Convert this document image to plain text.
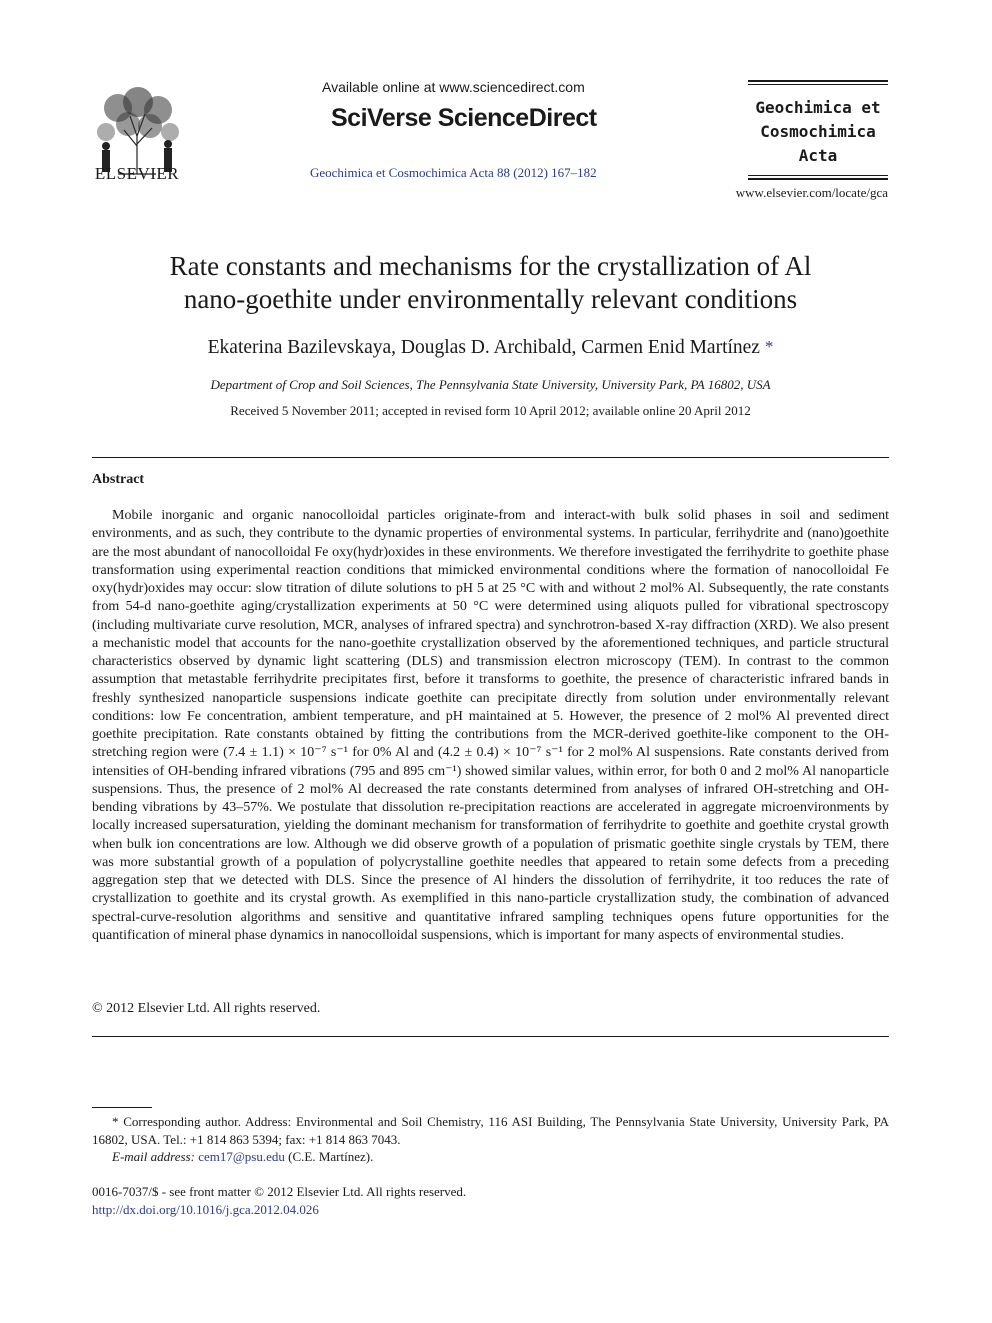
ELSEVIER
Available online at www.sciencedirect.com
SciVerse ScienceDirect
Geochimica et Cosmochimica Acta 88 (2012) 167–182
Geochimica et
Cosmochimica
Acta
www.elsevier.com/locate/gca
Rate constants and mechanisms for the crystallization of Al
nano-goethite under environmentally relevant conditions
Ekaterina Bazilevskaya, Douglas D. Archibald, Carmen Enid Martínez *
Department of Crop and Soil Sciences, The Pennsylvania State University, University Park, PA 16802, USA
Received 5 November 2011; accepted in revised form 10 April 2012; available online 20 April 2012
Abstract

Mobile inorganic and organic nanocolloidal particles originate-from and interact-with bulk solid phases in soil and sediment environments, and as such, they contribute to the dynamic properties of environmental systems. In particular, ferrihydrite and (nano)goethite are the most abundant of nanocolloidal Fe oxy(hydr)oxides in these environments. We therefore investigated the ferrihydrite to goethite phase transformation using experimental reaction conditions that mimicked environmental conditions where the formation of nanocolloidal Fe oxy(hydr)oxides may occur: slow titration of dilute solutions to pH 5 at 25 °C with and without 2 mol% Al. Subsequently, the rate constants from 54-d nano-goethite aging/crystallization experiments at 50 °C were determined using aliquots pulled for vibrational spectroscopy (including multivariate curve resolution, MCR, analyses of infrared spectra) and synchrotron-based X-ray diffraction (XRD). We also present a mechanistic model that accounts for the nano-goethite crystallization observed by the aforementioned techniques, and particle structural characteristics observed by dynamic light scattering (DLS) and transmission electron microscopy (TEM). In contrast to the common assumption that metastable ferrihydrite precipitates first, before it transforms to goethite, the presence of characteristic infrared bands in freshly synthesized nanoparticle suspensions indicate goethite can precipitate directly from solution under environmentally relevant conditions: low Fe concentration, ambient temperature, and pH maintained at 5. However, the presence of 2 mol% Al prevented direct goethite precipitation. Rate constants obtained by fitting the contributions from the MCR-derived goethite-like component to the OH-stretching region were (7.4 ± 1.1) × 10⁻⁷ s⁻¹ for 0% Al and (4.2 ± 0.4) × 10⁻⁷ s⁻¹ for 2 mol% Al suspensions. Rate constants derived from intensities of OH-bending infrared vibrations (795 and 895 cm⁻¹) showed similar values, within error, for both 0 and 2 mol% Al nanoparticle suspensions. Thus, the presence of 2 mol% Al decreased the rate constants determined from analyses of infrared OH-stretching and OH-bending vibrations by 43–57%. We postulate that dissolution re-precipitation reactions are accelerated in aggregate microenvironments by locally increased supersaturation, yielding the dominant mechanism for transformation of ferrihydrite to goethite and goethite crystal growth when bulk ion concentrations are low. Although we did observe growth of a population of prismatic goethite single crystals by TEM, there was more substantial growth of a population of polycrystalline goethite needles that appeared to retain some defects from a preceding aggregation step that we detected with DLS. Since the presence of Al hinders the dissolution of ferrihydrite, it too reduces the rate of crystallization to goethite and its crystal growth. As exemplified in this nano-particle crystallization study, the combination of advanced spectral-curve-resolution algorithms and sensitive and quantitative infrared sampling techniques opens future opportunities for the quantification of mineral phase dynamics in nanocolloidal suspensions, which is important for many aspects of environmental studies.

© 2012 Elsevier Ltd. All rights reserved.

* Corresponding author. Address: Environmental and Soil Chemistry, 116 ASI Building, The Pennsylvania State University, University Park, PA 16802, USA. Tel.: +1 814 863 5394; fax: +1 814 863 7043.

E-mail address: cem17@psu.edu (C.E. Martínez).

0016-7037/$ - see front matter © 2012 Elsevier Ltd. All rights reserved.
http://dx.doi.org/10.1016/j.gca.2012.04.026
